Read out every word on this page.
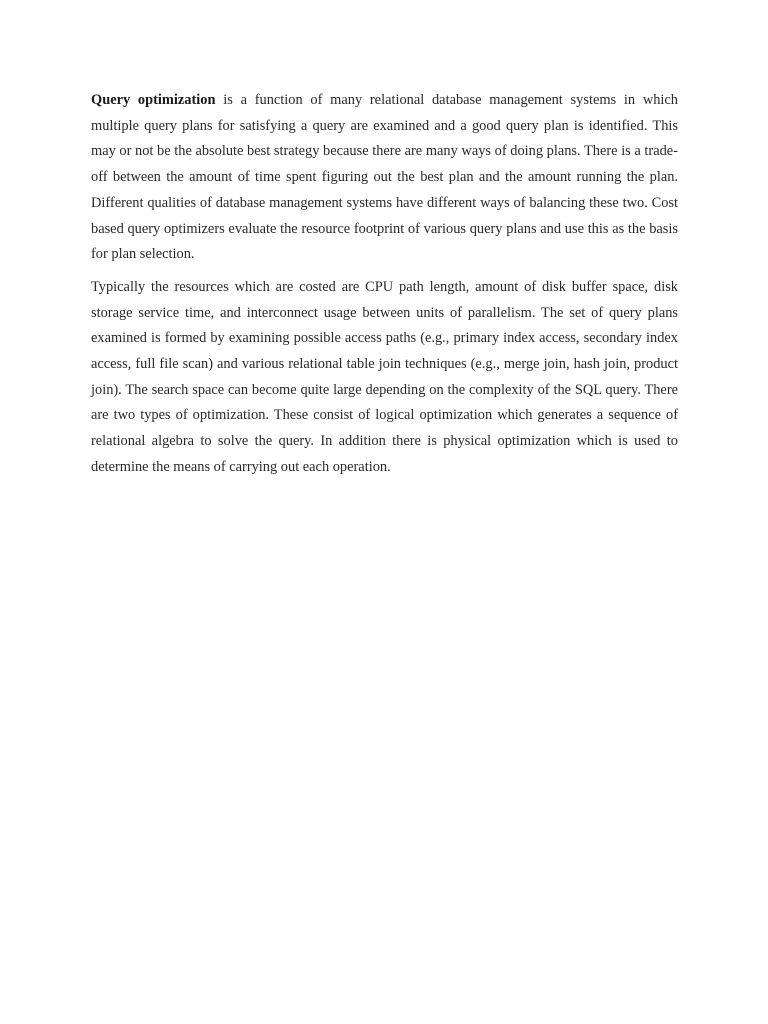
Query optimization is a function of many relational database management systems in which multiple query plans for satisfying a query are examined and a good query plan is identified. This may or not be the absolute best strategy because there are many ways of doing plans. There is a trade-off between the amount of time spent figuring out the best plan and the amount running the plan. Different qualities of database management systems have different ways of balancing these two. Cost based query optimizers evaluate the resource footprint of various query plans and use this as the basis for plan selection.

Typically the resources which are costed are CPU path length, amount of disk buffer space, disk storage service time, and interconnect usage between units of parallelism. The set of query plans examined is formed by examining possible access paths (e.g., primary index access, secondary index access, full file scan) and various relational table join techniques (e.g., merge join, hash join, product join). The search space can become quite large depending on the complexity of the SQL query. There are two types of optimization. These consist of logical optimization which generates a sequence of relational algebra to solve the query. In addition there is physical optimization which is used to determine the means of carrying out each operation.
